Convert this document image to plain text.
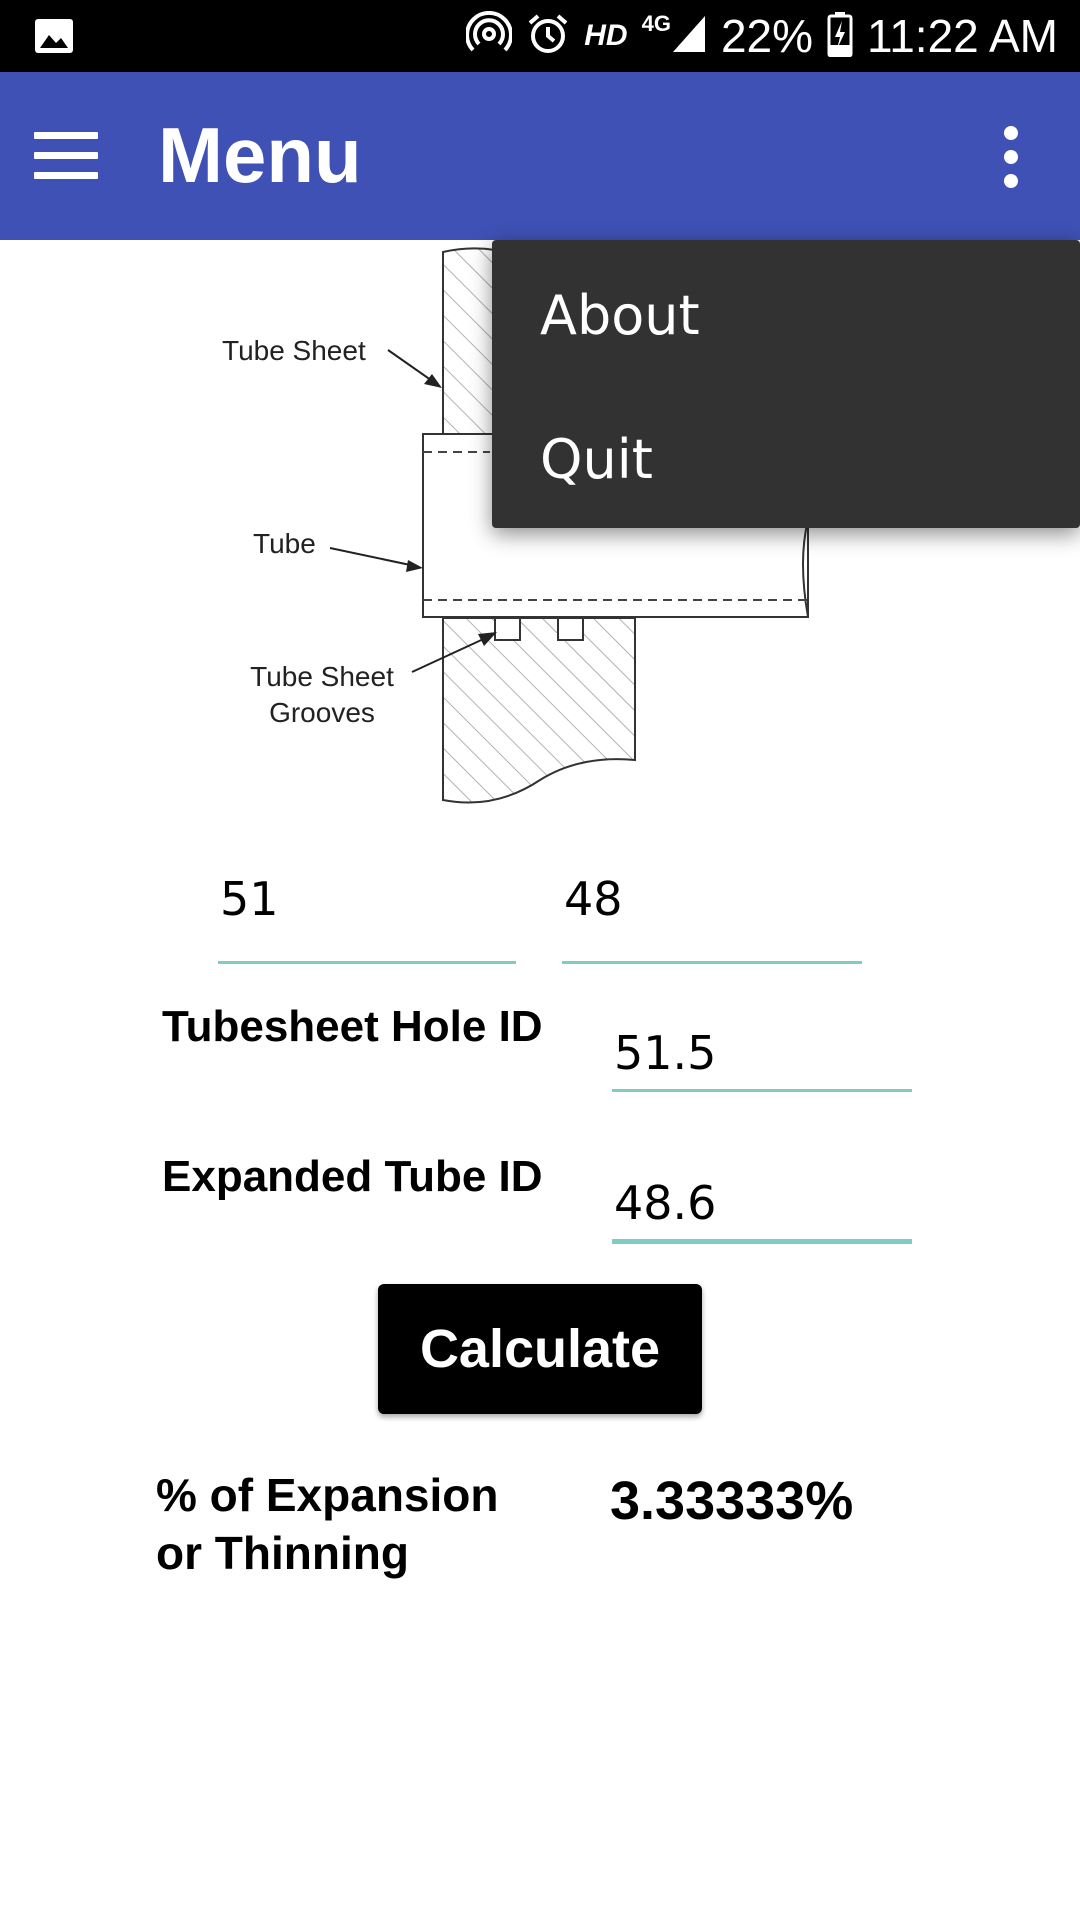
HD 4G 22% 11:22 AM
Menu
Tube Sheet
Tube
Tube Sheet
Grooves
About
Quit
51	48
Tubesheet Hole ID 51.5
Expanded Tube ID 48.6
Calculate
% of Expansion
or Thinning
3.33333%
